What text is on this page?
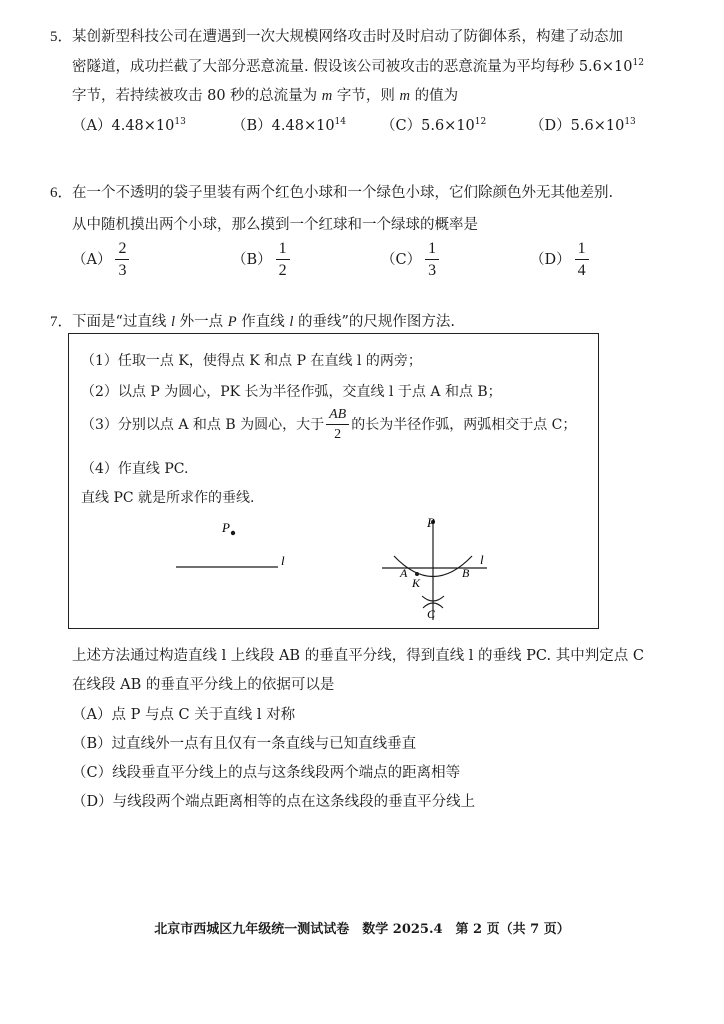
5． 某创新型科技公司在遭遇到一次大规模网络攻击时及时启动了防御体系，构建了动态加
密隧道，成功拦截了大部分恶意流量. 假设该公司被攻击的恶意流量为平均每秒 $5.6\times 10^{12}$
字节，若持续被攻击 80 秒的总流量为 m 字节，则 m 的值为
$(A)4.48\times 10^{13}$	$(B)4.48\times 10^{14}$ $(C)5.6\times 10^{12}$	$(D)5.6\times 10^{13}$
6． 在一个不透明的袋子里装有两个红色小球和一个绿色小球，它们除颜色外无其他差别.
从中随机摸出两个小球，那么摸到一个红球和一个绿球的概率是
$(A) \frac{2}{3}$	$(B) \frac{1}{2}$	$(C) \frac{1}{3}$	$(D) \frac{1}{4}$
7． 下面是“过直线 l 外一点 P 作直线 l 的垂线”的尺规作图方法.
（1）任取一点 K，使得点 K 和点 P 在直线 l 的两旁；
（2）以点 P 为圆心，PK 长为半径作弧，交直线 l 于点 A 和点 B；
（3）分别以点 A 和点 B 为圆心，大于 $\frac{AB}{2}$ 的长为半径作弧，两弧相交于点 C；
（4）作直线 PC.
直线 PC 就是所求作的垂线.
P
l	l
P
A	B
K
C
上述方法通过构造直线 l 上线段 AB 的垂直平分线，得到直线 l 的垂线 PC. 其中判定点 C
在线段 AB 的垂直平分线上的依据可以是
（A）点 P 与点 C 关于直线 l 对称
（B）过直线外一点有且仅有一条直线与已知直线垂直
（C）线段垂直平分线上的点与这条线段两个端点的距离相等
（D）与线段两个端点距离相等的点在这条线段的垂直平分线上
北京市西城区九年级统一测试试卷　数学 2025.4　第 2 页（共 7 页）
